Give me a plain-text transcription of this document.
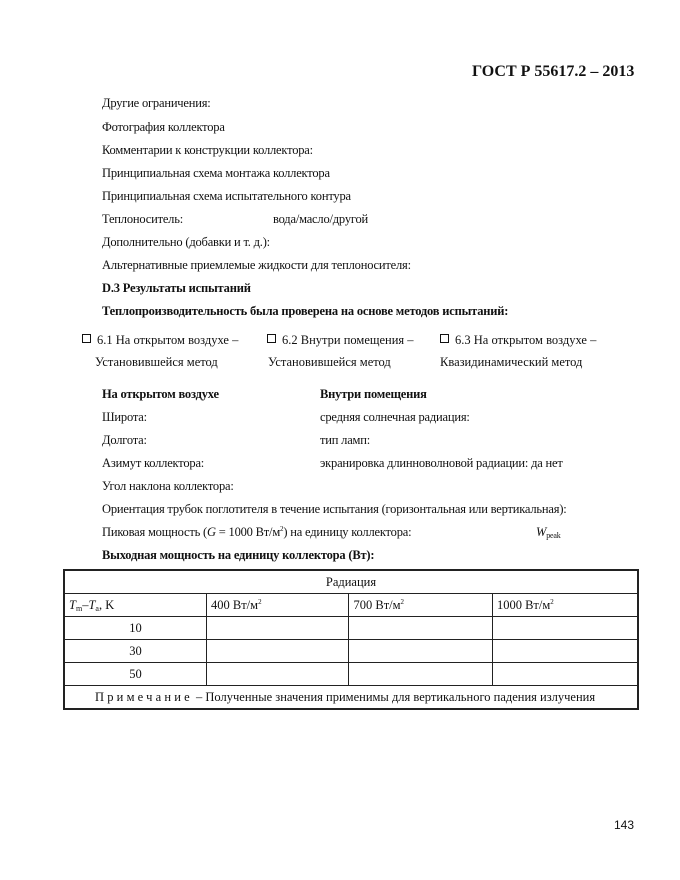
ГОСТ Р 55617.2 – 2013
Другие ограничения:
Фотография коллектора
Комментарии к конструкции коллектора:
Принципиальная схема монтажа коллектора
Принципиальная схема испытательного контура
Теплоноситель:	вода/масло/другой
Дополнительно (добавки и т. д.):
Альтернативные приемлемые жидкости для теплоносителя:
D.3 Результаты испытаний
Теплопроизводительность была проверена на основе методов испытаний:
6.1 На открытом воздухе –
Установившейся метод
6.2 Внутри помещения –
Установившейся метод
6.3 На открытом воздухе –
Квазидинамический метод
На открытом воздухе	Внутри помещения
Широта:	средняя солнечная радиация:
Долгота:	тип ламп:
Азимут коллектора:	экранировка длинноволновой радиации: да нет
Угол наклона коллектора:
Ориентация трубок поглотителя в течение испытания (горизонтальная или вертикальная):
Пиковая мощность (G = 1000 $Вт/м^2$) на единицу коллектора:	$W_{peak}$
Выходная мощность на единицу коллектора (Вт):
Радиация			
$T_m-T_a$, K	400 $Вт/м^2$	700 $Вт/м^2$	1000 $Вт/м^2$
10			
30			
50			
Примечание – Полученные значения применимы для вертикального падения излучения			
143
